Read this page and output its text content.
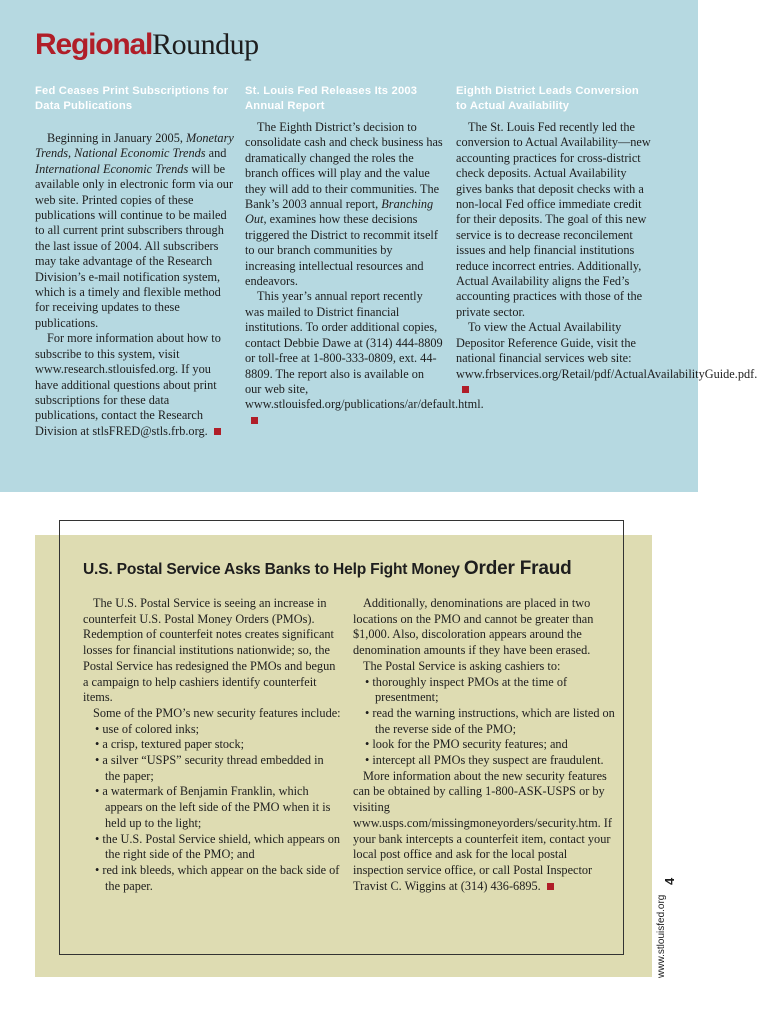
RegionalRoundup
Fed Ceases Print Subscriptions for Data Publications

Beginning in January 2005, Monetary Trends, National Economic Trends and International Economic Trends will be available only in electronic form via our web site. Printed copies of these publications will continue to be mailed to all current print subscribers through the last issue of 2004. All subscribers may take advantage of the Research Division’s e-mail notification system, which is a timely and flexible method for receiving updates to these publications.

For more information about how to subscribe to this system, visit www.research.stlouisfed.org. If you have additional questions about print subscriptions for these data publications, contact the Research Division at stlsFRED@stls.frb.org.

St. Louis Fed Releases Its 2003 Annual Report

The Eighth District’s decision to consolidate cash and check business has dramatically changed the roles the branch offices will play and the value they will add to their communities. The Bank’s 2003 annual report, Branching Out, examines how these decisions triggered the District to recommit itself to our branch communities by increasing intellectual resources and endeavors.

This year’s annual report recently was mailed to District financial institutions. To order additional copies, contact Debbie Dawe at (314) 444-8809 or toll-free at 1-800-333-0809, ext. 44-8809. The report also is available on our web site, www.stlouisfed.org/publications/ar/default.html.

Eighth District Leads Conversion to Actual Availability

The St. Louis Fed recently led the conversion to Actual Availability—new accounting practices for cross-district check deposits. Actual Availability gives banks that deposit checks with a non-local Fed office immediate credit for their deposits. The goal of this new service is to decrease reconcilement issues and help financial institutions reduce incorrect entries. Additionally, Actual Availability aligns the Fed’s accounting practices with those of the private sector.

To view the Actual Availability Depositor Reference Guide, visit the national financial services web site: www.frbservices.org/Retail/pdf/ActualAvailabilityGuide.pdf.

U.S. Postal Service Asks Banks to Help Fight Money Order Fraud

The U.S. Postal Service is seeing an increase in counterfeit U.S. Postal Money Orders (PMOs). Redemption of counterfeit notes creates significant losses for financial institutions nationwide; so, the Postal Service has redesigned the PMOs and begun a campaign to help cashiers identify counterfeit items.

Some of the PMO’s new security features include:

• use of colored inks;

• a crisp, textured paper stock;

• a silver “USPS” security thread embedded in the paper;

• a watermark of Benjamin Franklin, which appears on the left side of the PMO when it is held up to the light;

• the U.S. Postal Service shield, which appears on the right side of the PMO; and

• red ink bleeds, which appear on the back side of the paper.

Additionally, denominations are placed in two locations on the PMO and cannot be greater than $1,000. Also, discoloration appears around the denomination amounts if they have been erased.

The Postal Service is asking cashiers to:

• thoroughly inspect PMOs at the time of presentment;

• read the warning instructions, which are listed on the reverse side of the PMO;

• look for the PMO security features; and

• intercept all PMOs they suspect are fraudulent.

More information about the new security features can be obtained by calling 1-800-ASK-USPS or by visiting www.usps.com/missingmoneyorders/security.htm. If your bank intercepts a counterfeit item, contact your local post office and ask for the local postal inspection service office, or call Postal Inspector Travist C. Wiggins at (314) 436-6895.

www.stlouisfed.org
4
